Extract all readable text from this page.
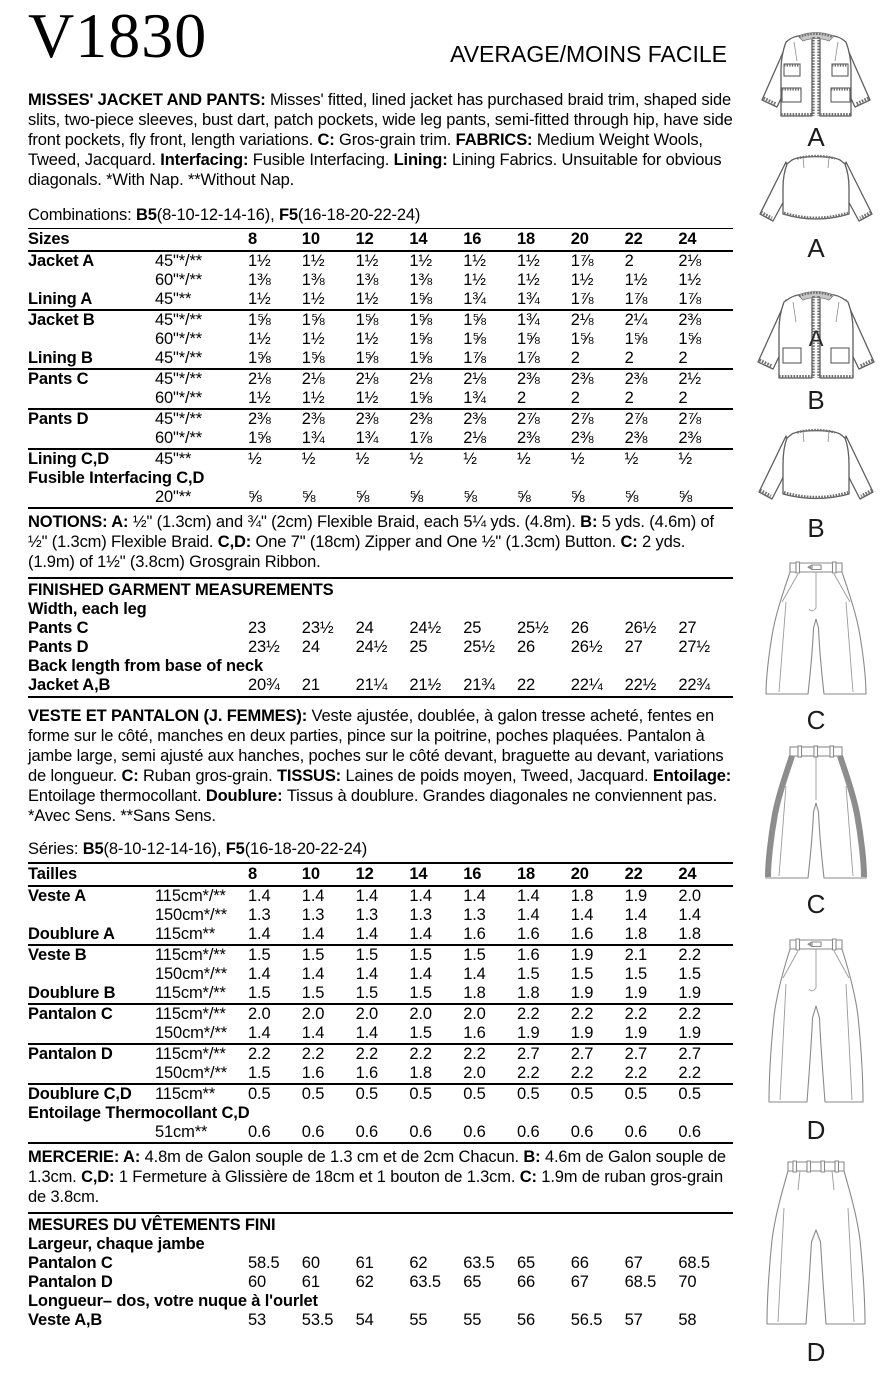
V1830	AVERAGE/MOINS FACILE

MISSES' JACKET AND PANTS: Misses' fitted, lined jacket has purchased braid trim, shaped side slits, two-piece sleeves, bust dart, patch pockets, wide leg pants, semi-fitted through hip, have side front pockets, fly front, length variations. C: Gros-grain trim. FABRICS: Medium Weight Wools, Tweed, Jacquard. Interfacing: Fusible Interfacing. Lining: Lining Fabrics. Unsuitable for obvious diagonals. *With Nap. **Without Nap.

Combinations: B5(8-10-12-14-16), F5(16-18-20-22-24)

Sizes	8	10	12	14	16	18	20	22	24
Jacket A	45"*/**	1½	1½	1½	1½	1½	1½	1⅞	2	2⅛
60"*/**	1⅜	1⅜	1⅜	1⅜	1½	1½	1½	1½	1½
Lining A	45"**	1½	1½	1½	1⅝	1¾	1¾	1⅞	1⅞	1⅞
Jacket B	45"*/**	1⅝	1⅝	1⅝	1⅝	1⅝	1¾	2⅛	2¼	2⅜
60"*/**	1½	1½	1½	1⅝	1⅝	1⅝	1⅝	1⅝	1⅝
Lining B	45"*/**	1⅝	1⅝	1⅝	1⅝	1⅞	1⅞	2	2	2
Pants C	45"*/**	2⅛	2⅛	2⅛	2⅛	2⅛	2⅜	2⅜	2⅜	2½
60"*/**	1½	1½	1½	1⅝	1¾	2	2	2	2
Pants D	45"*/**	2⅜	2⅜	2⅜	2⅜	2⅜	2⅞	2⅞	2⅞	2⅞
60"*/**	1⅝	1¾	1¾	1⅞	2⅛	2⅜	2⅜	2⅜	2⅜
Lining C,D	45"**	½	½	½	½	½	½	½	½	½
Fusible Interfacing C,D
20"**	⅝	⅝	⅝	⅝	⅝	⅝	⅝	⅝	⅝

NOTIONS: A: ½" (1.3cm) and ¾" (2cm) Flexible Braid, each 5¼ yds. (4.8m). B: 5 yds. (4.6m) of ½" (1.3cm) Flexible Braid. C,D: One 7" (18cm) Zipper and One ½" (1.3cm) Button. C: 2 yds. (1.9m) of 1½" (3.8cm) Grosgrain Ribbon.

FINISHED GARMENT MEASUREMENTS
Width, each leg
Pants C	23	23½	24	24½	25	25½	26	26½	27
Pants D	23½	24	24½	25	25½	26	26½	27	27½
Back length from base of neck
Jacket A,B	20¾	21	21¼	21½	21¾	22	22¼	22½	22¾

VESTE ET PANTALON (J. FEMMES): Veste ajustée, doublée, à galon tresse acheté, fentes en forme sur le côté, manches en deux parties, pince sur la poitrine, poches plaquées. Pantalon à jambe large, semi ajusté aux hanches, poches sur le côté devant, braguette au devant, variations de longueur. C: Ruban gros-grain. TISSUS: Laines de poids moyen, Tweed, Jacquard. Entoilage: Entoilage thermocollant. Doublure: Tissus à doublure. Grandes diagonales ne conviennent pas. *Avec Sens. **Sans Sens.

Séries: B5(8-10-12-14-16), F5(16-18-20-22-24)

Tailles	8	10	12	14	16	18	20	22	24
Veste A	115cm*/**	1.4	1.4	1.4	1.4	1.4	1.4	1.8	1.9	2.0
150cm*/**	1.3	1.3	1.3	1.3	1.3	1.4	1.4	1.4	1.4
Doublure A	115cm**	1.4	1.4	1.4	1.4	1.6	1.6	1.6	1.8	1.8
Veste B	115cm*/**	1.5	1.5	1.5	1.5	1.5	1.6	1.9	2.1	2.2
150cm*/**	1.4	1.4	1.4	1.4	1.4	1.5	1.5	1.5	1.5
Doublure B	115cm*/**	1.5	1.5	1.5	1.5	1.8	1.8	1.9	1.9	1.9
Pantalon C	115cm*/**	2.0	2.0	2.0	2.0	2.0	2.2	2.2	2.2	2.2
150cm*/**	1.4	1.4	1.4	1.5	1.6	1.9	1.9	1.9	1.9
Pantalon D	115cm*/**	2.2	2.2	2.2	2.2	2.2	2.7	2.7	2.7	2.7
150cm*/**	1.5	1.6	1.6	1.8	2.0	2.2	2.2	2.2	2.2
Doublure C,D	115cm**	0.5	0.5	0.5	0.5	0.5	0.5	0.5	0.5	0.5
Entoilage Thermocollant C,D
51cm**	0.6	0.6	0.6	0.6	0.6	0.6	0.6	0.6	0.6

MERCERIE: A: 4.8m de Galon souple de 1.3 cm et de 2cm Chacun. B: 4.6m de Galon souple de 1.3cm. C,D: 1 Fermeture à Glissière de 18cm et 1 bouton de 1.3cm. C: 1.9m de ruban gros-grain de 3.8cm.

MESURES DU VÊTEMENTS FINI
Largeur, chaque jambe
Pantalon C	58.5	60	61	62	63.5	65	66	67	68.5
Pantalon D	60	61	62	63.5	65	66	67	68.5	70
Longueur– dos, votre nuque à l'ourlet
Veste A,B	53	53.5	54	55	55	56	56.5	57	58
A
A
A
B
B
C
C
D
D
